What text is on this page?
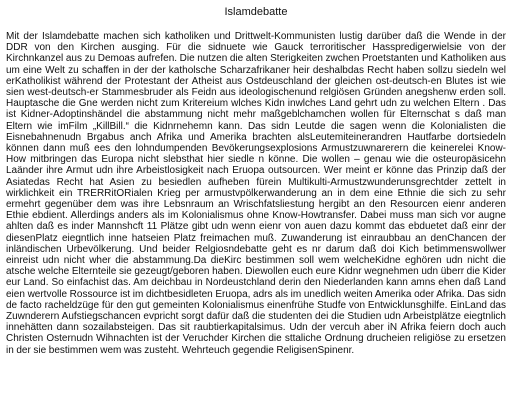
Islamdebatte

Mit der Islamdebatte machen sich katholiken und Drittwelt-Kommunisten lustig darüber daß die Wende in der DDR von den Kirchen ausging. Für die sidnuete wie Gauck terroritischer Hasspredigerwielsie von der Kirchnkanzel aus zu Demoas aufrefen. Die nutzen die alten Sterigkeiten zwchen Proetstanten und Katholiken aus um eine Welt zu schaffen in der der katholsche Scharzafrikaner heir deshalbdas Recht haben sollzu siedeln wel erKatholikist während der Protestant der Atheist aus Ostdeuschland der gleichen ost-deutsch-en Blutes ist wie sien west-deutsch-er Stammesbruder als Feidn aus ideologischenund relgiösen Gründen anegshenw erden soll. Hauptasche die Gne werden nicht zum Kritereium wlches Kidn inwlches Land gehrt udn zu welchen Eltern . Das ist Kidner-Adoptinshändel die abstammung nicht mehr maßgeblchamchen wollen für Elternschat s daß man Eltern wie imFilm „KillBill.“ die Kidnrnehemn kann. Das sidn Leutde die sagen wenn die Kolonialisten die Eisnebahnenudn Brgabus anch Afrika und Amerika brachten alsLeutemiteinerandren Hautfarbe dortsiedeln können dann muß ees den lohndumpenden Bevökerungsexplosions Armustzuwnarerern die keinerelei Know-How mitbringen das Europa nicht slebsthat hier siedle n könne. Die wollen – genau wie die osteuropäsicehn Laänder ihre Armut udn ihre Arbeistlosigkeit nach Eruopa outsourcen. Wer meint er könne das Prinzip daß der Asiatedas Recht hat Asien zu besiedlen aufheben fürein Multikulti-Armustzwunderunsgrechtder zettelt in wirklichkeit ein TRERRitORialen Krieg per armustvpölkerwanderung an in dem eine Ethnie die sich zu sehr ermehrt gegenüber dem was ihre Lebsnraum an Wrischfatsliestung hergibt an den Resourcen eienr anderen Ethie ebdient. Allerdings anders als im Kolonialismus ohne Know-Howtransfer. Dabei muss man sich vor augne ahlten daß es inder Mannshcft 11 Plätze gibt udn wenn eienr von auen dazu kommt das ebduetet daß einr der diesenPlatz eiegntlich inne hatseien Platz freimachen muß. Zuwanderung ist einraubbau an denChancen der inländischen Urbevölkerung. Und beider Relgiosndebatte geht es nr darum daß doi Kich betimmenswollwer einreist udn nicht wher die abstammung.Da dieKirc bestimmen soll wem welcheKidne eghören udn nicht die atsche welche Elternteile sie gezeugt/geboren haben. Diewollen euch eure Kidnr wegnehmen udn überr die Kider eur Land. So einfachist das. Am deichbau in Nordeustchland derin den Niederlanden kann amns ehen daß Land eien wertvolle Rossource ist im dichtbesidleten Eruopa, adrs als im unedlich weiten Amerika oder Afrika. Das sidn de facto racheldzüge für den gut gemeinten Kolonialismus einenfrühe Studfe von Entwicklunsghilfe. EinLand das Zuwnderern Aufstiegschancen evpricht sorgt dafür daß die studenten dei die Studien udn Arbeistplätze eiegtnlich innehätten dann sozailabsteigen. Das sit raubtierkapitalsimus. Udn der vercuh aber iN Afrika feiern doch auch Christen Osternudn Wihnachten ist der Veruchder Kirchen die sttaliche Ordnung drucheien religiöse zu ersetzen in der sie bestimmen wem was zusteht. Wehrteuch gegendie ReligisenSpinenr.
